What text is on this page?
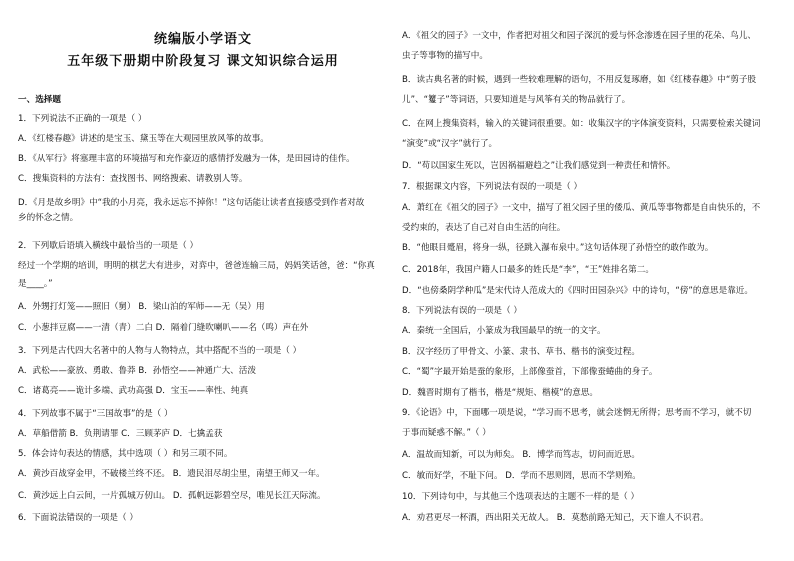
统编版小学语文
五年级下册期中阶段复习 课文知识综合运用
一、选择题
1．下列说法不正确的一项是（ ）
A．《红楼春趣》讲述的是宝玉、黛玉等在大观园里放风筝的故事。
B．《从军行》将塞理丰富的环境描写和充作豪迈的感情抒发融为一体，是田园诗的佳作。
C．搜集资料的方法有：查找图书、网络搜索、请教别人等。
D．《月是故乡明》中“我的小月亮，我永远忘不掉你！”这句话能让读者直接感受到作者对故
乡的怀念之情。
2．下列歇后语填入横线中最恰当的一项是（ ）
经过一个学期的培训，明明的棋艺大有进步，对弈中，爸爸连输三局，妈妈笑话爸，爸：“你真
是____。”
A．外甥打灯笼——照旧（舅） B．梁山泊的军师——无（吴）用
C．小葱拌豆腐——一清（青）二白 D．隔着门缝吹喇叭——名（鸣）声在外
3．下列是古代四大名著中的人物与人物特点，其中搭配不当的一项是（ ）
A．武松——豪放、勇敢、鲁莽 B．孙悟空——神通广大、活泼
C．诸葛亮——诡计多端、武功高强 D．宝玉——率性、纯真
4．下列故事不属于“三国故事”的是（ ）
A．草船借箭 B．负荆请罪 C．三顾茅庐 D．七擒孟获
5．体会诗句表达的情感，其中选项（ ）和另三项不同。
A．黄沙百战穿金甲，不破楼兰终不还。 B．遗民泪尽胡尘里，南望王师又一年。
C．黄沙远上白云间，一片孤城万仞山。 D．孤帆远影碧空尽，唯见长江天际流。
6．下面说法错误的一项是（ ）
A．《祖父的园子》一文中，作者把对祖父和园子深沉的爱与怀念渗透在园子里的花朵、鸟儿、
虫子等事物的描写中。
B．读古典名著的时候，遇到一些较难理解的语句，不用反复琢磨，如《红楼春趣》中“剪子股
儿”、“籰子”等词语，只要知道是与风筝有关的物品就行了。
C．在网上搜集资料，输入的关键词很重要。如：收集汉字的字体演变资料，只需要检索关键词
“演变”或“汉字”就行了。
D．“苟以国家生死以，岂因祸福避趋之”让我们感觉到一种责任和情怀。
7．根据课文内容，下列说法有误的一项是（ ）
A．萧红在《祖父的园子》一文中，描写了祖父园子里的倭瓜、黄瓜等事物都是自由快乐的，不
受约束的，表达了自己对自由生活的向往。
B．“他眼目蹙眉，将身一纵，径跳入瀑布泉中。”这句话体现了孙悟空的敢作敢为。
C．2018年，我国户籍人口最多的姓氏是“李”，“王”姓排名第二。
D．“也傍桑阴学种瓜”是宋代诗人范成大的《四时田园杂兴》中的诗句，“傍”的意思是靠近。
8．下列说法有误的一项是（ ）
A．秦统一全国后，小篆成为我国最早的统一的文字。
B．汉字经历了甲骨文、小篆、隶书、草书、楷书的演变过程。
C．“蜀”字最开始是蚕的象形，上部像蚕首，下部像蚕蜷曲的身子。
D．魏晋时期有了楷书，楷是“规矩、楷模”的意思。
9．《论语》中，下面哪一项是说，“学习而不思考，就会迷惘无所得；思考而不学习，就不切
于事而疑惑不解。”（ ）
A．温故而知新，可以为师矣。 B．博学而笃志，切问而近思。
C．敏而好学，不耻下问。 D．学而不思则罔，思而不学则殆。
10．下列诗句中，与其他三个选项表达的主题不一样的是（ ）
A．劝君更尽一杯酒，西出阳关无故人。 B．莫愁前路无知己，天下谁人不识君。
